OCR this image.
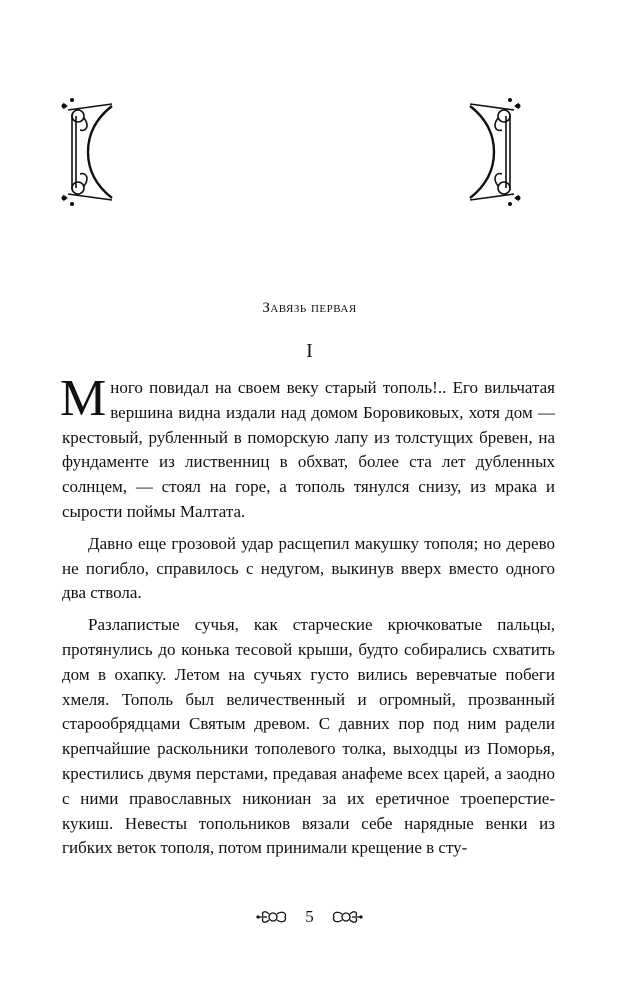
Завязь первая
I

Много повидал на своем веку старый тополь!.. Его вильчатая вершина видна издали над домом Боровиковых, хотя дом — крестовый, рубленный в поморскую лапу из толстущих бревен, на фундаменте из лиственниц в обхват, более ста лет дубленных солнцем, — стоял на горе, а тополь тянулся снизу, из мрака и сырости поймы Малтата.

Давно еще грозовой удар расщепил макушку тополя; но дерево не погибло, справилось с недугом, выкинув вверх вместо одного два ствола.

Разлапистые сучья, как старческие крючковатые пальцы, протянулись до конька тесовой крыши, будто собирались схватить дом в охапку. Летом на сучьях густо вились веревчатые побеги хмеля. Тополь был величественный и огромный, прозванный старообрядцами Святым древом. С давних пор под ним радели крепчайшие раскольники тополевого толка, выходцы из Поморья, крестились двумя перстами, предавая анафеме всех царей, а заодно с ними православных никониан за их еретичное троеперстие-кукиш. Невесты топольников вязали себе нарядные венки из гибких веток тополя, потом принимали крещение в сту-

5
